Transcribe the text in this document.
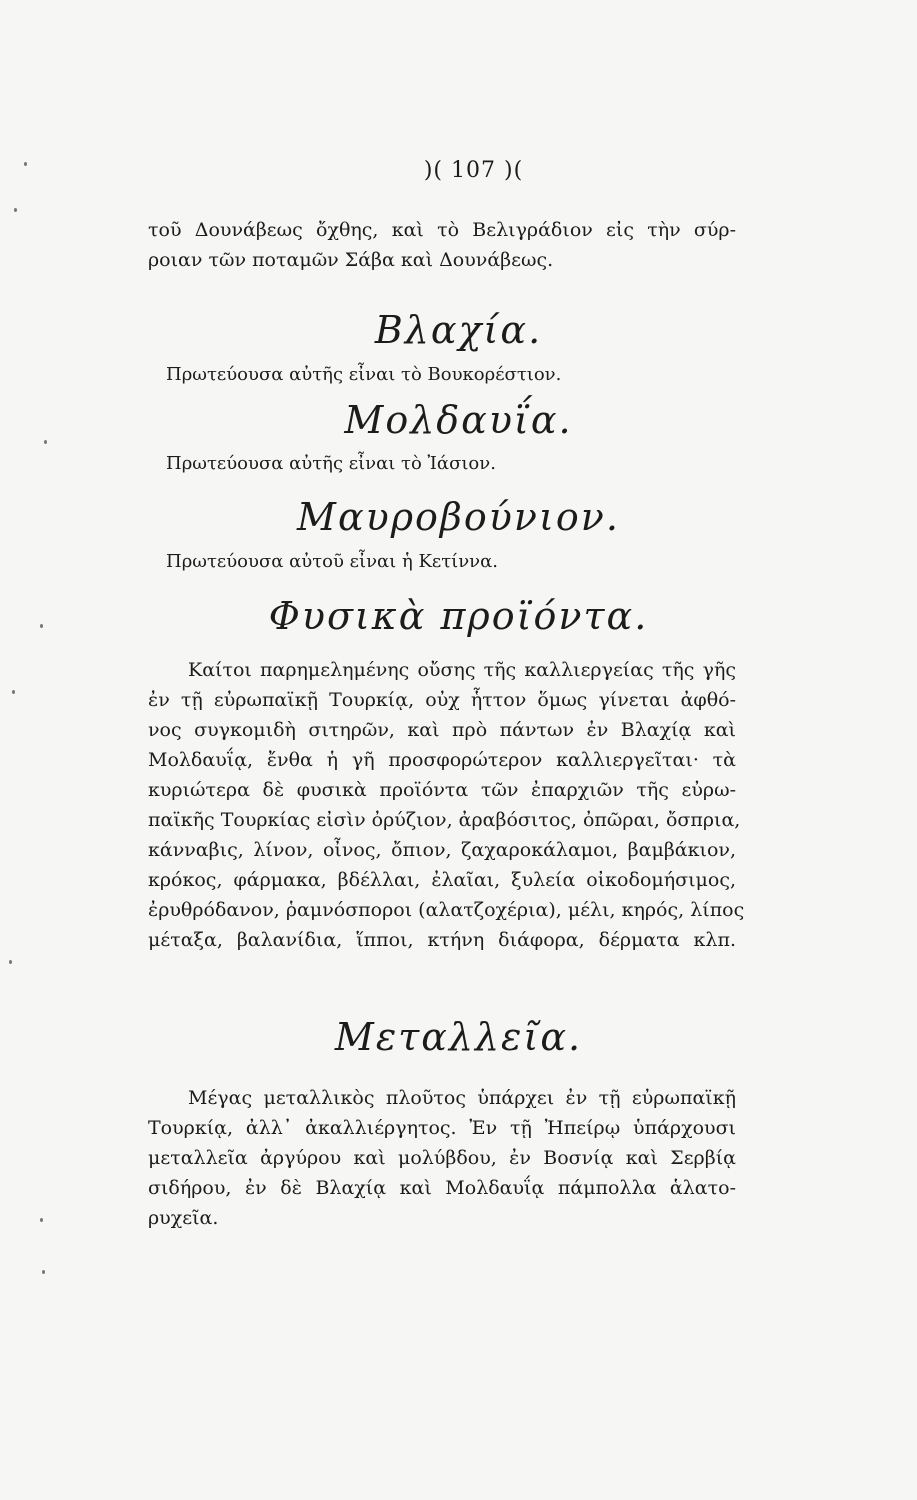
)( 107 )(
τοῦ Δουνάβεως ὄχθης, καὶ τὸ Βελιγράδιον εἰς τὴν σύρ-
ροιαν τῶν ποταμῶν Σάβα καὶ Δουνάβεως.
Βλαχία.
Πρωτεύουσα αὐτῆς εἶναι τὸ Βουκορέστιον.
Μολδαυΐα.
Πρωτεύουσα αὐτῆς εἶναι τὸ Ἰάσιον.
Μαυροβούνιον.
Πρωτεύουσα αὐτοῦ εἶναι ἡ Κετίννα.
Φυσικὰ προϊόντα.
Καίτοι παρημελημένης οὔσης τῆς καλλιεργείας τῆς γῆς
ἐν τῇ εὐρωπαϊκῇ Τουρκίᾳ, οὐχ ἧττον ὅμως γίνεται ἀφθό-
νος συγκομιδὴ σιτηρῶν, καὶ πρὸ πάντων ἐν Βλαχίᾳ καὶ
Μολδαυΐᾳ, ἔνθα ἡ γῆ προσφορώτερον καλλιεργεῖται· τὰ
κυριώτερα δὲ φυσικὰ προϊόντα τῶν ἐπαρχιῶν τῆς εὐρω-
παϊκῆς Τουρκίας εἰσὶν ὀρύζιον, ἀραβόσιτος, ὀπῶραι, ὄσπρια,
κάνναβις, λίνον, οἶνος, ὄπιον, ζαχαροκάλαμοι, βαμβάκιον,
κρόκος, φάρμακα, βδέλλαι, ἐλαῖαι, ξυλεία οἰκοδομήσιμος,
ἐρυθρόδανον, ῥαμνόσποροι (αλατζοχέρια), μέλι, κηρός, λίπος
μέταξα, βαλανίδια, ἵπποι, κτήνη διάφορα, δέρματα κλπ.
Μεταλλεῖα.
Μέγας μεταλλικὸς πλοῦτος ὑπάρχει ἐν τῇ εὐρωπαϊκῇ
Τουρκίᾳ, ἀλλ᾽ ἀκαλλιέργητος. Ἐν τῇ Ἠπείρῳ ὑπάρχουσι
μεταλλεῖα ἀργύρου καὶ μολύβδου, ἐν Βοσνίᾳ καὶ Σερβίᾳ
σιδήρου, ἐν δὲ Βλαχίᾳ καὶ Μολδαυΐᾳ πάμπολλα ἁλατο-
ρυχεῖα.
